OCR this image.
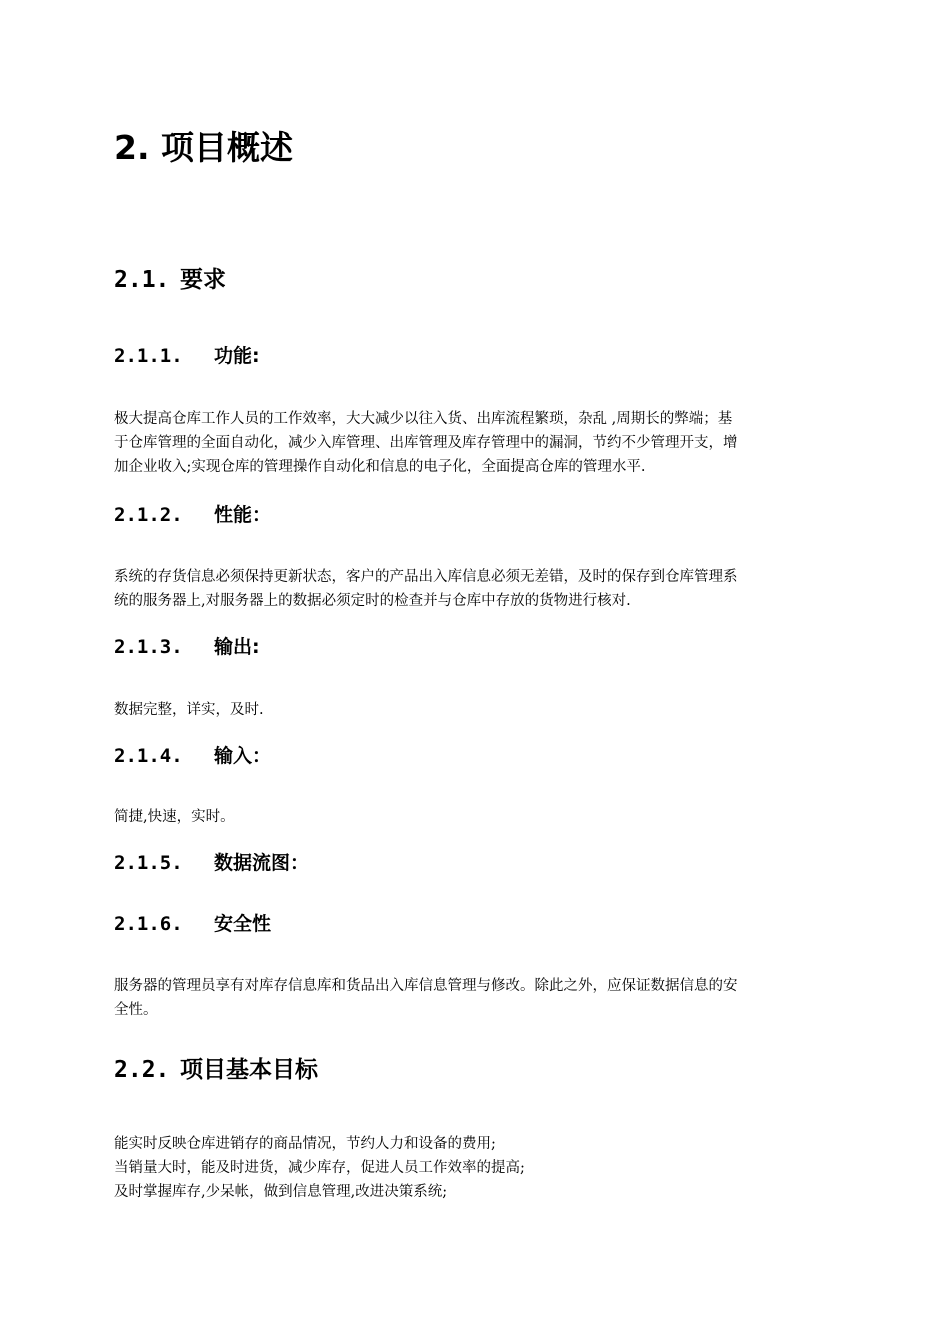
2. 项目概述
2.1. 要求
2.1.1. 功能:
极大提高仓库工作人员的工作效率，大大减少以往入货、出库流程繁琐，杂乱 ,周期长的弊端；基
于仓库管理的全面自动化，减少入库管理、出库管理及库存管理中的漏洞，节约不少管理开支，增
加企业收入;实现仓库的管理操作自动化和信息的电子化，全面提高仓库的管理水平.
2.1.2. 性能：
系统的存货信息必须保持更新状态，客户的产品出入库信息必须无差错，及时的保存到仓库管理系
统的服务器上,对服务器上的数据必须定时的检查并与仓库中存放的货物进行核对.
2.1.3. 输出:
数据完整，详实，及时.
2.1.4. 输入：
简捷,快速，实时。
2.1.5. 数据流图：
2.1.6. 安全性
服务器的管理员享有对库存信息库和货品出入库信息管理与修改。除此之外，应保证数据信息的安
全性。
2.2. 项目基本目标
能实时反映仓库进销存的商品情况，节约人力和设备的费用;
当销量大时，能及时进货，减少库存，促进人员工作效率的提高;
及时掌握库存,少呆帐，做到信息管理,改进决策系统;
